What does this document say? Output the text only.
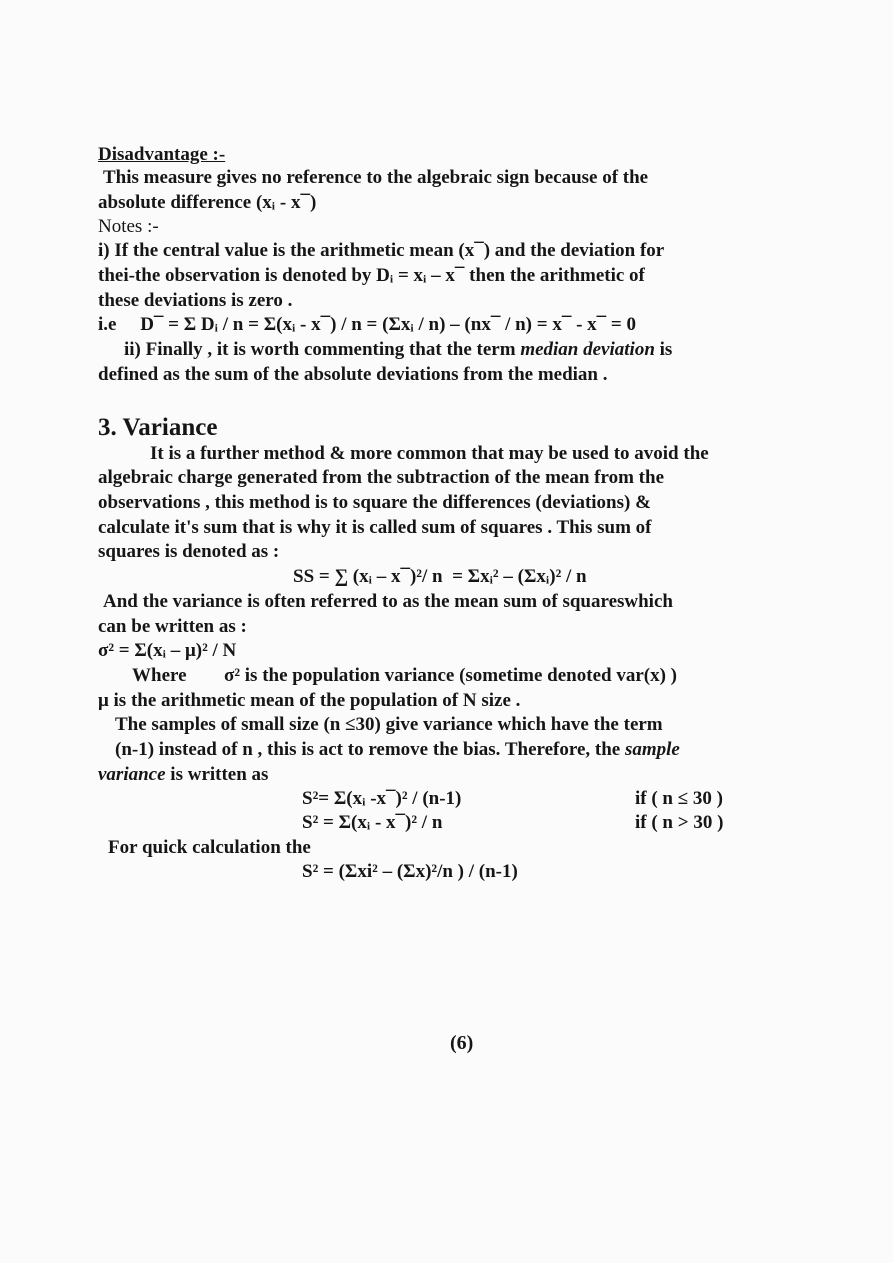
Disadvantage :-
This measure gives no reference to the algebraic sign because of the
absolute difference (xᵢ - x¯)
Notes :-
i) If the central value is the arithmetic mean (x¯) and the deviation for
thei-the observation is denoted by Dᵢ = xᵢ – x¯ then the arithmetic of
these deviations is zero .
i.e     D¯ = Σ Dᵢ / n = Σ(xᵢ - x¯) / n = (Σxᵢ / n) – (nx¯ / n) = x¯ - x¯ = 0
ii) Finally , it is worth commenting that the term median deviation is
defined as the sum of the absolute deviations from the median .
3. Variance
It is a further method & more common that may be used to avoid the
algebraic charge generated from the subtraction of the mean from the
observations , this method is to square the differences (deviations) &
calculate it's sum that is why it is called sum of squares . This sum of
squares is denoted as :
SS = ∑ (xᵢ – x¯)²/ n  = Σxᵢ² – (Σxᵢ)² / n
And the variance is often referred to as the mean sum of squareswhich
can be written as :
σ² = Σ(xᵢ – μ)² / N
Where σ² is the population variance (sometime denoted var(x) )
μ is the arithmetic mean of the population of N size .
The samples of small size (n ≤30) give variance which have the term
(n-1) instead of n , this is act to remove the bias. Therefore, the sample
variance is written as
S²= Σ(xᵢ -x¯)² / (n-1)	if ( n ≤ 30 )
S² = Σ(xᵢ - x¯)² / n	if ( n > 30 )
For quick calculation the
S² = (Σxi² – (Σx)²/n ) / (n-1)
(6)
